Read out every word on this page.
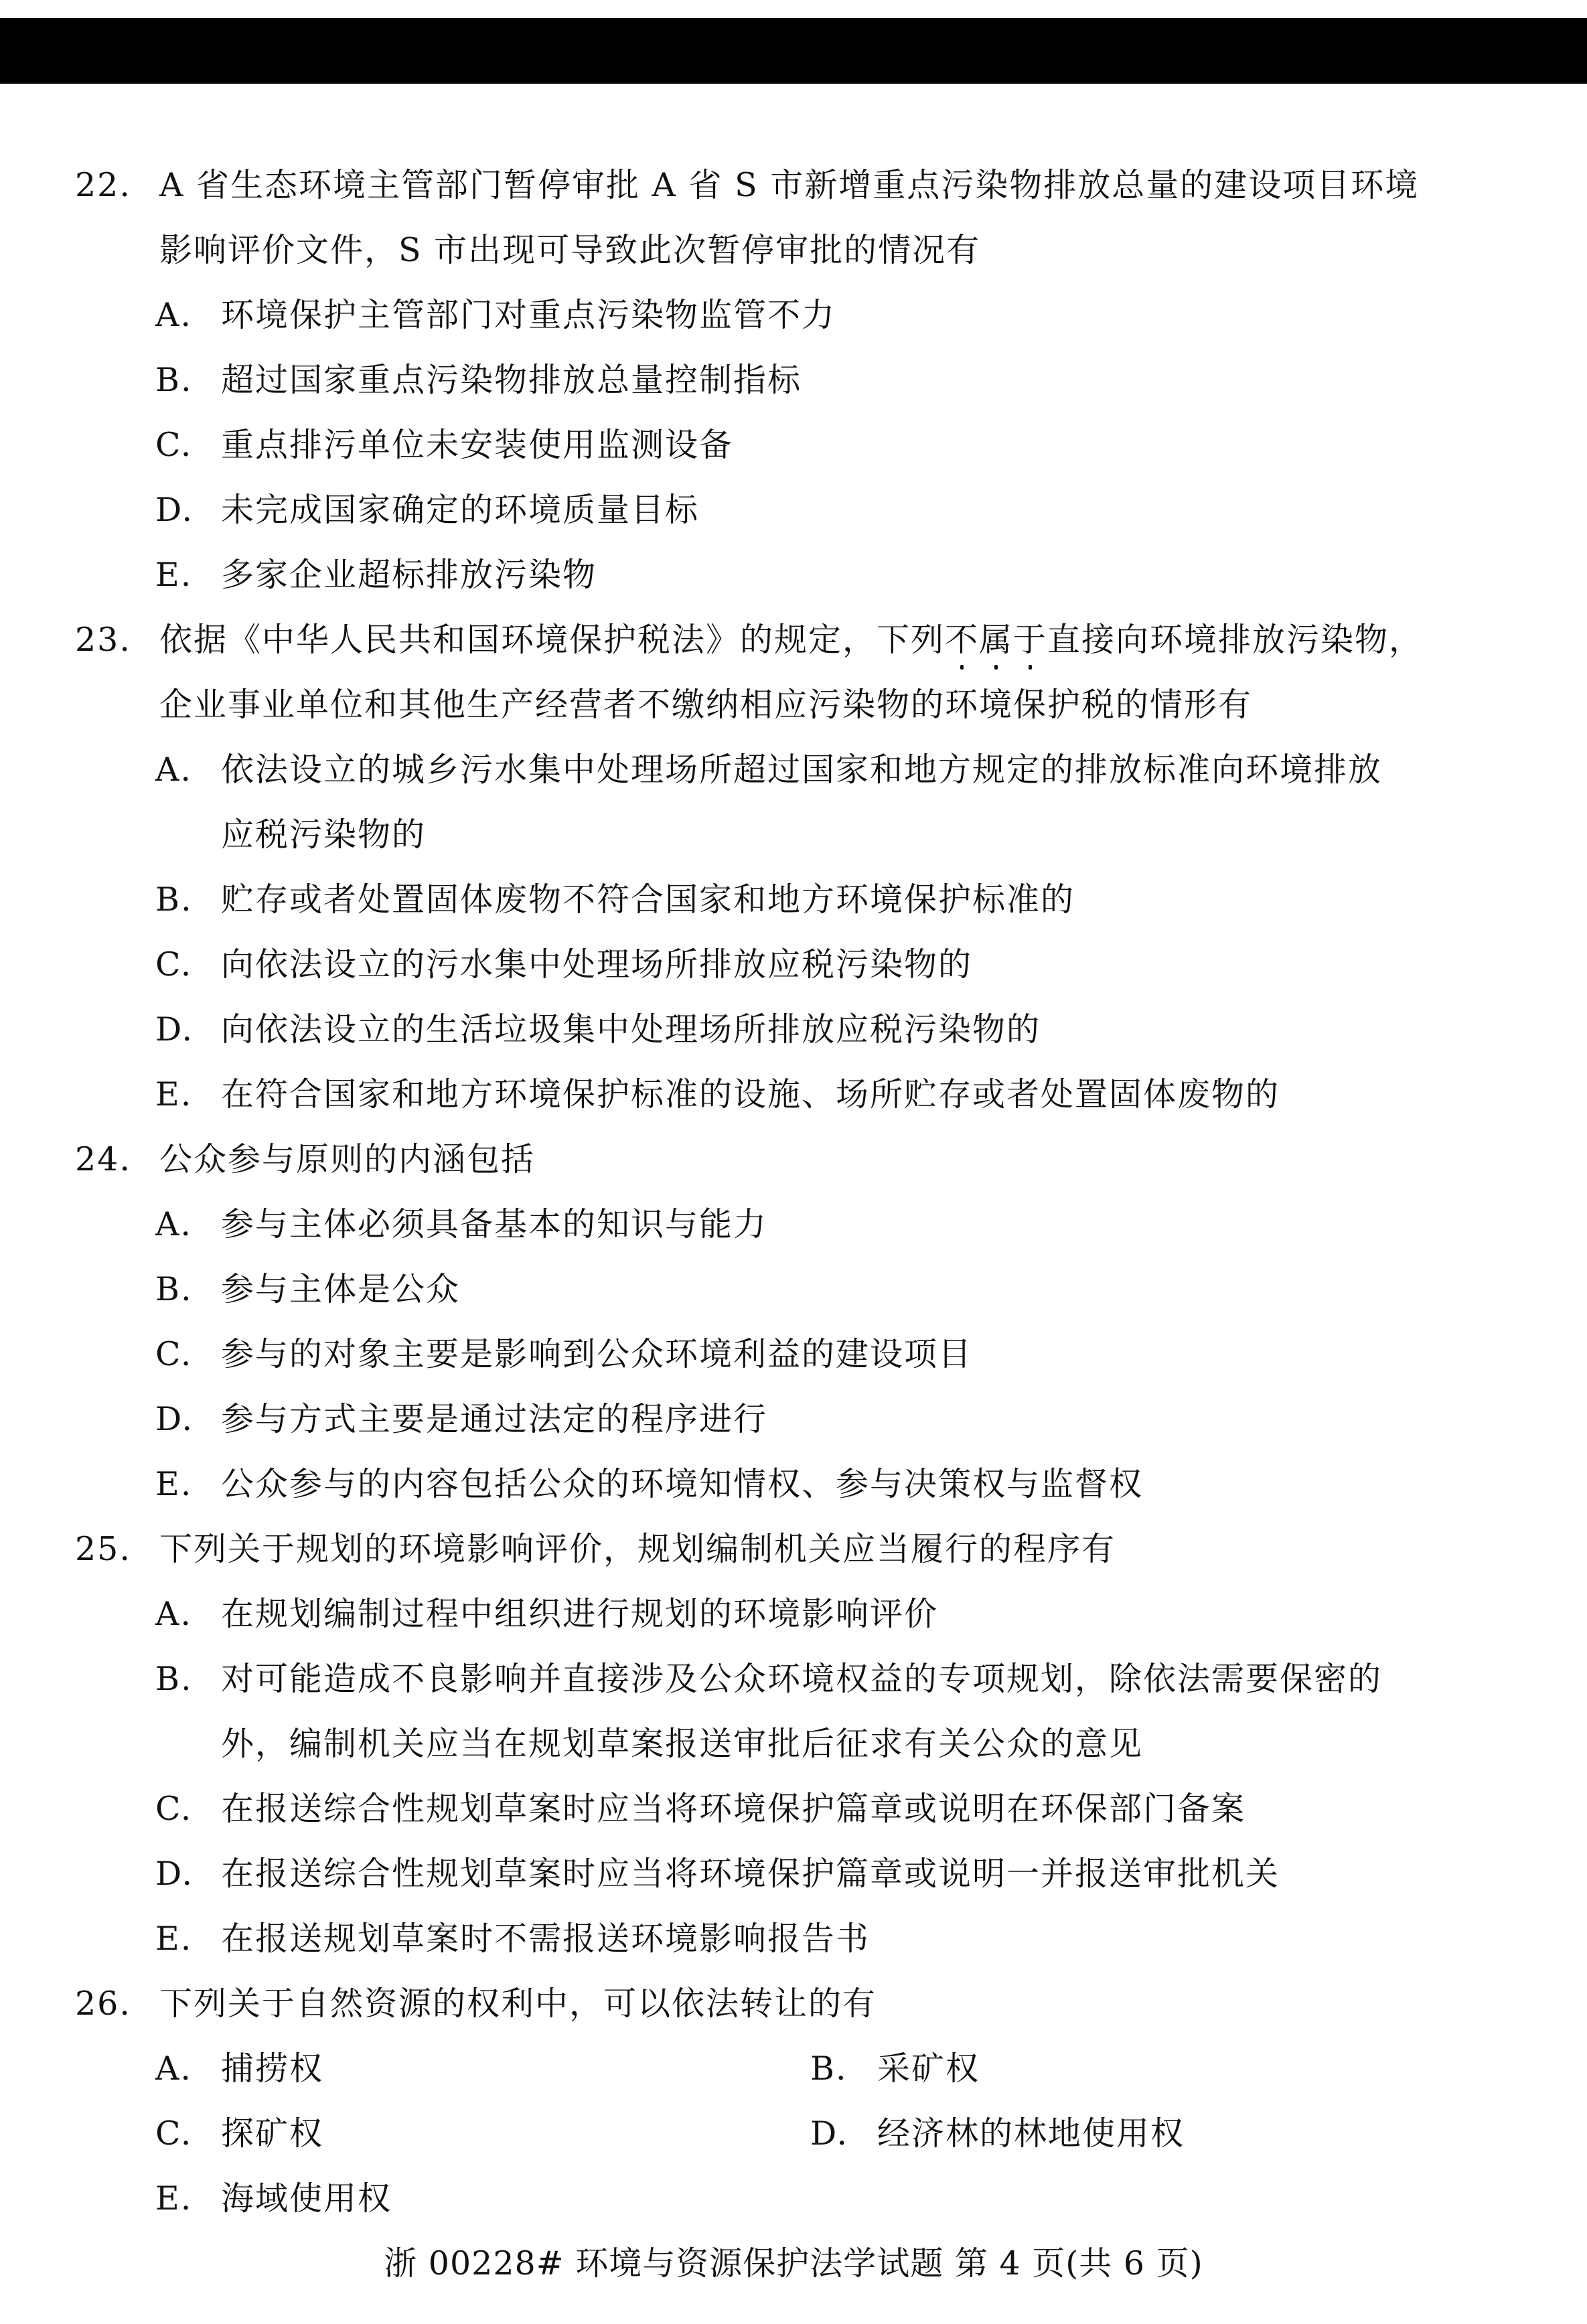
22. A 省生态环境主管部门暂停审批 A 省 S 市新增重点污染物排放总量的建设项目环境
影响评价文件，S 市出现可导致此次暂停审批的情况有
A. 环境保护主管部门对重点污染物监管不力
B. 超过国家重点污染物排放总量控制指标
C. 重点排污单位未安装使用监测设备
D. 未完成国家确定的环境质量目标
E. 多家企业超标排放污染物
23. 依据《中华人民共和国环境保护税法》的规定，下列不属于
直接向环境排放污染物，
企业事业单位和其他生产经营者不缴纳相应污染物的环境保护税的情形有
A. 依法设立的城乡污水集中处理场所超过国家和地方规定的排放标准向环境排放
应税污染物的
B. 贮存或者处置固体废物不符合国家和地方环境保护标准的
C. 向依法设立的污水集中处理场所排放应税污染物的
D. 向依法设立的生活垃圾集中处理场所排放应税污染物的
E. 在符合国家和地方环境保护标准的设施、场所贮存或者处置固体废物的
24. 公众参与原则的内涵包括
A. 参与主体必须具备基本的知识与能力
B. 参与主体是公众
C. 参与的对象主要是影响到公众环境利益的建设项目
D. 参与方式主要是通过法定的程序进行
E. 公众参与的内容包括公众的环境知情权、参与决策权与监督权
25. 下列关于规划的环境影响评价，规划编制机关应当履行的程序有
A. 在规划编制过程中组织进行规划的环境影响评价
B. 对可能造成不良影响并直接涉及公众环境权益的专项规划，除依法需要保密的
外，编制机关应当在规划草案报送审批后征求有关公众的意见
C. 在报送综合性规划草案时应当将环境保护篇章或说明在环保部门备案
D. 在报送综合性规划草案时应当将环境保护篇章或说明一并报送审批机关
E. 在报送规划草案时不需报送环境影响报告书
26. 下列关于自然资源的权利中，可以依法转让的有
A. 捕捞权	B. 采矿权
C. 探矿权	D. 经济林的林地使用权
E. 海域使用权
浙 00228# 环境与资源保护法学试题 第 4 页(共 6 页)
